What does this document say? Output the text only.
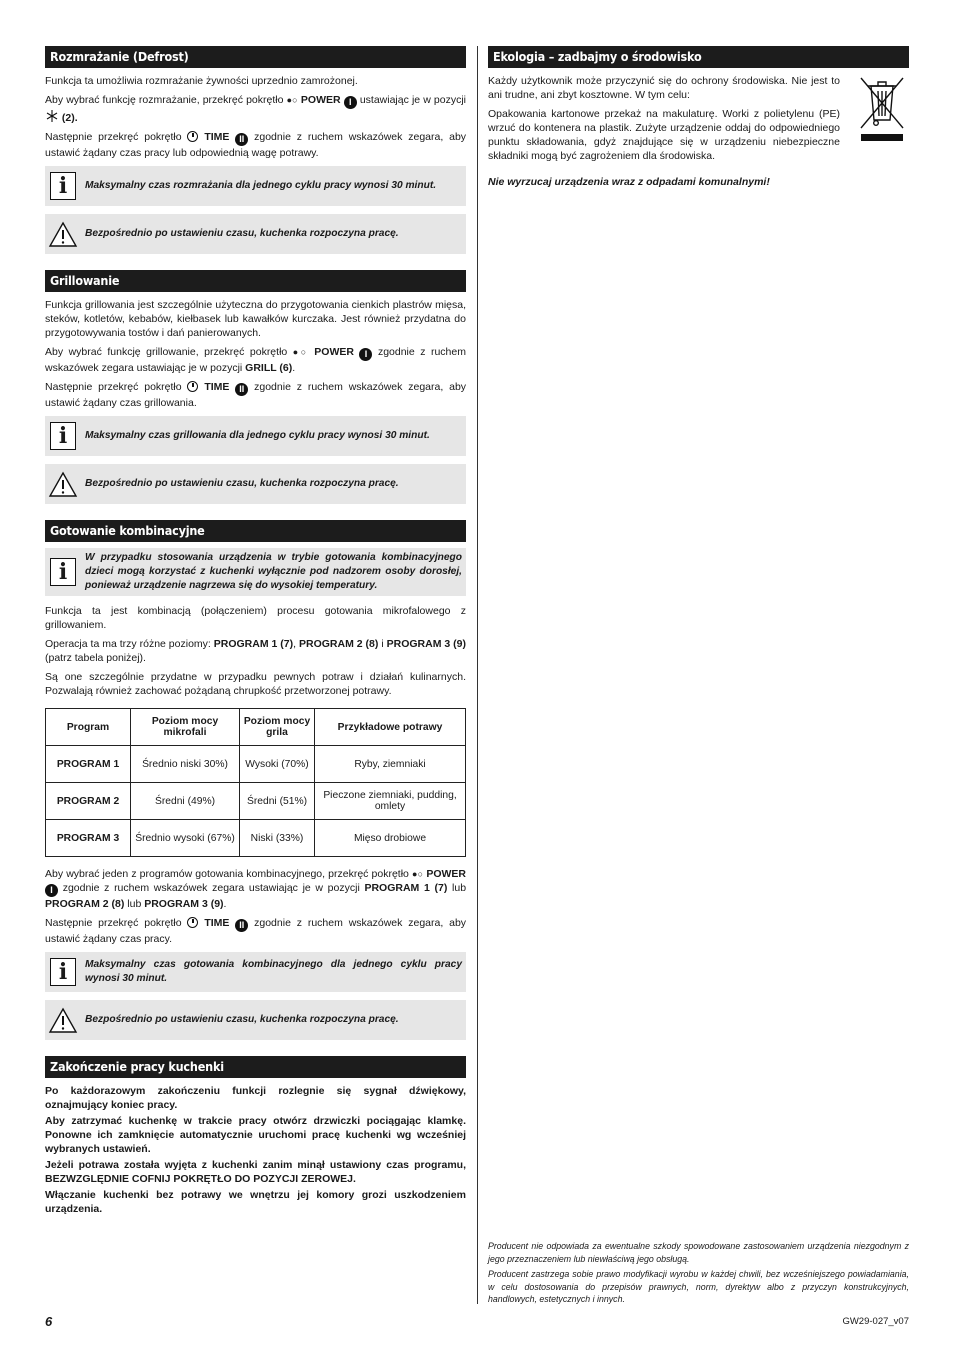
Rozmrażanie (Defrost)

Funkcja ta umożliwia rozmrażanie żywności uprzednio zamrożonej.

Aby wybrać funkcję rozmrażanie, przekręć pokrętło ●○ POWER I ustawiając je w pozycji  (2).

Następnie przekręć pokrętło TIME II zgodnie z ruchem wskazówek zegara, aby ustawić żądany czas pracy lub odpowiednią wagę potrawy.

i	Maksymalny czas rozmrażania dla jednego cyklu pracy wynosi 30 minut.
Bezpośrednio po ustawieniu czasu, kuchenka rozpoczyna pracę.
Grillowanie

Funkcja grillowania jest szczególnie użyteczna do przygotowania cienkich plastrów mięsa, steków, kotletów, kebabów, kiełbasek lub kawałków kurczaka. Jest również przydatna do przygotowywania tostów i dań panierowanych.

Aby wybrać funkcję grillowanie, przekręć pokrętło ●○ POWER I zgodnie z ruchem wskazówek zegara ustawiając je w pozycji GRILL (6).

Następnie przekręć pokrętło TIME II zgodnie z ruchem wskazówek zegara, aby ustawić żądany czas grillowania.

i	Maksymalny czas grillowania dla jednego cyklu pracy wynosi 30 minut.
Bezpośrednio po ustawieniu czasu, kuchenka rozpoczyna pracę.
Gotowanie kombinacyjne
i
W przypadku stosowania urządzenia w trybie gotowania kombinacyjnego dzieci mogą korzystać z kuchenki wyłącznie pod nadzorem osoby dorosłej, ponieważ urządzenie nagrzewa się do wysokiej temperatury.

Funkcja ta jest kombinacją (połączeniem) procesu gotowania mikrofalowego z grillowaniem.

Operacja ta ma trzy różne poziomy: PROGRAM 1 (7), PROGRAM 2 (8) i PROGRAM 3 (9) (patrz tabela poniżej).

Są one szczególnie przydatne w przypadku pewnych potraw i działań kulinarnych. Pozwalają również zachować pożądaną chrupkość przetworzonej potrawy.

Program	Poziom mocy mikrofali	Poziom mocy grila	Przykładowe potrawy
PROGRAM 1	Średnio niski 30%)	Wysoki (70%)	Ryby, ziemniaki
PROGRAM 2	Średni (49%)	Średni (51%)	Pieczone ziemniaki, pudding, omlety
PROGRAM 3	Średnio wysoki (67%)	Niski (33%)	Mięso drobiowe

Aby wybrać jeden z programów gotowania kombinacyjnego, przekręć pokrętło ●○ POWER I zgodnie z ruchem wskazówek zegara ustawiając je w pozycji PROGRAM 1 (7) lub PROGRAM 2 (8) lub PROGRAM 3 (9).

Następnie przekręć pokrętło TIME II zgodnie z ruchem wskazówek zegara, aby ustawić żądany czas pracy.

i	Maksymalny czas gotowania kombinacyjnego dla jednego cyklu pracy wynosi 30 minut.
Bezpośrednio po ustawieniu czasu, kuchenka rozpoczyna pracę.
Zakończenie pracy kuchenki

Po każdorazowym zakończeniu funkcji rozlegnie się sygnał dźwiękowy, oznajmujący koniec pracy.

Aby zatrzymać kuchenkę w trakcie pracy otwórz drzwiczki pociągając klamkę. Ponowne ich zamknięcie automatycznie uruchomi pracę kuchenki wg wcześniej wybranych ustawień.

Jeżeli potrawa została wyjęta z kuchenki zanim minął ustawiony czas programu, BEZWZGLĘDNIE COFNIJ POKRĘTŁO DO POZYCJI ZEROWEJ.

Włączanie kuchenki bez potrawy we wnętrzu jej komory grozi uszkodzeniem urządzenia.

Ekologia – zadbajmy o środowisko

Każdy użytkownik może przyczynić się do ochrony środowiska. Nie jest to ani trudne, ani zbyt kosztowne. W tym celu:

Opakowania kartonowe przekaż na makulaturę. Worki z polietylenu (PE) wrzuć do kontenera na plastik. Zużyte urządzenie oddaj do odpowiedniego punktu składowania, gdyż znajdujące się w urządzeniu niebezpieczne składniki mogą być zagrożeniem dla środowiska.

Nie wyrzucaj urządzenia wraz z odpadami komunalnymi!

Producent nie odpowiada za ewentualne szkody spowodowane zastosowaniem urządzenia niezgodnym z jego przeznaczeniem lub niewłaściwą jego obsługą.

Producent zastrzega sobie prawo modyfikacji wyrobu w każdej chwili, bez wcześniejszego powiadamiania, w celu dostosowania do przepisów prawnych, norm, dyrektyw albo z przyczyn konstrukcyjnych, handlowych, estetycznych i innych.

6	GW29-027_v07
